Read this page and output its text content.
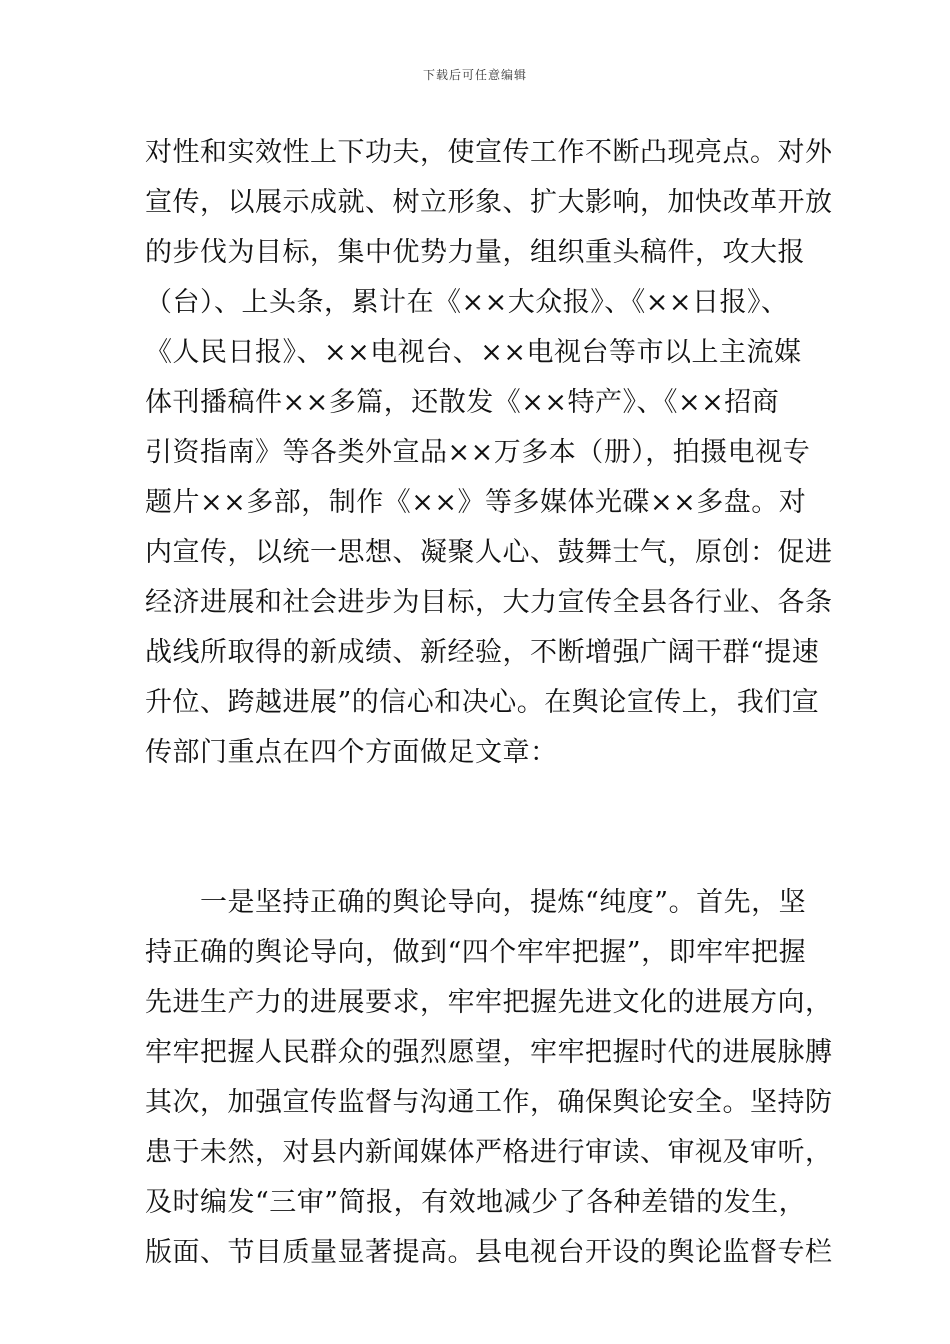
下载后可任意编辑
对性和实效性上下功夫，使宣传工作不断凸现亮点。对外
宣传，以展示成就、树立形象、扩大影响，加快改革开放
的步伐为目标，集中优势力量，组织重头稿件，攻大报
（台）、上头条，累计在《××大众报》、《××日报》、
《人民日报》、××电视台、××电视台等市以上主流媒
体刊播稿件××多篇，还散发《××特产》、《××招商
引资指南》等各类外宣品××万多本（册），拍摄电视专
题片××多部，制作《××》等多媒体光碟××多盘。对
内宣传，以统一思想、凝聚人心、鼓舞士气，原创：促进
经济进展和社会进步为目标，大力宣传全县各行业、各条
战线所取得的新成绩、新经验，不断增强广阔干群“提速
升位、跨越进展”的信心和决心。在舆论宣传上，我们宣
传部门重点在四个方面做足文章：
　　一是坚持正确的舆论导向，提炼“纯度”。首先，坚
持正确的舆论导向，做到“四个牢牢把握”，即牢牢把握
先进生产力的进展要求，牢牢把握先进文化的进展方向，
牢牢把握人民群众的强烈愿望，牢牢把握时代的进展脉膊
其次，加强宣传监督与沟通工作，确保舆论安全。坚持防
患于未然，对县内新闻媒体严格进行审读、审视及审听，
及时编发“三审”简报，有效地减少了各种差错的发生，
版面、节目质量显著提高。县电视台开设的舆论监督专栏
